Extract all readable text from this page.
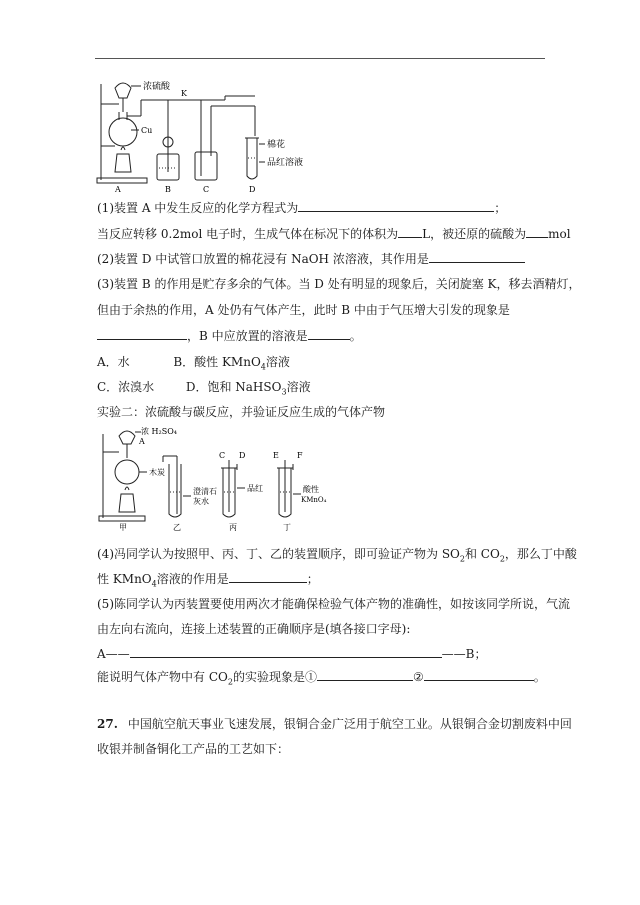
浓硫酸
K
Cu
棉花
品红溶液
A	B	C	D
(1)装置 A 中发生反应的化学方程式为	；
当反应转移 0.2mol 电子时，生成气体在标况下的体积为 L，被还原的硫酸为 mol
(2)装置 D 中试管口放置的棉花浸有 NaOH 浓溶液，其作用是
(3)装置 B 的作用是贮存多余的气体。当 D 处有明显的现象后，关闭旋塞 K，移去酒精灯，
但由于余热的作用，A 处仍有气体产生，此时 B 中由于气压增大引发的现象是
，B 中应放置的溶液是	。
A．水	B．酸性 KMnO$_4$溶液
C．浓溴水	D．饱和 NaHSO$_3$溶液
实验二：浓硫酸与碳反应，并验证反应生成的气体产物
浓 H₂SO₄
A
木炭
甲
澄清石
灰水
乙
C D	E F
品红
丙
酸性
KMnO₄
丁
(4)冯同学认为按照甲、丙、丁、乙的装置顺序，即可验证产物为 $SO_2$和 $CO_2$，那么丁中酸
性 KMnO$_4$溶液的作用是	；
(5)陈同学认为丙装置要使用两次才能确保检验气体产物的准确性，如按该同学所说，气流
由左向右流向，连接上述装置的正确顺序是(填各接口字母):
A——	——B；
能说明气体产物中有 $CO_2$的实验现象是①	②	。
27. 中国航空航天事业飞速发展，银铜合金广泛用于航空工业。从银铜合金切割废料中回
收银并制备铜化工产品的工艺如下：
